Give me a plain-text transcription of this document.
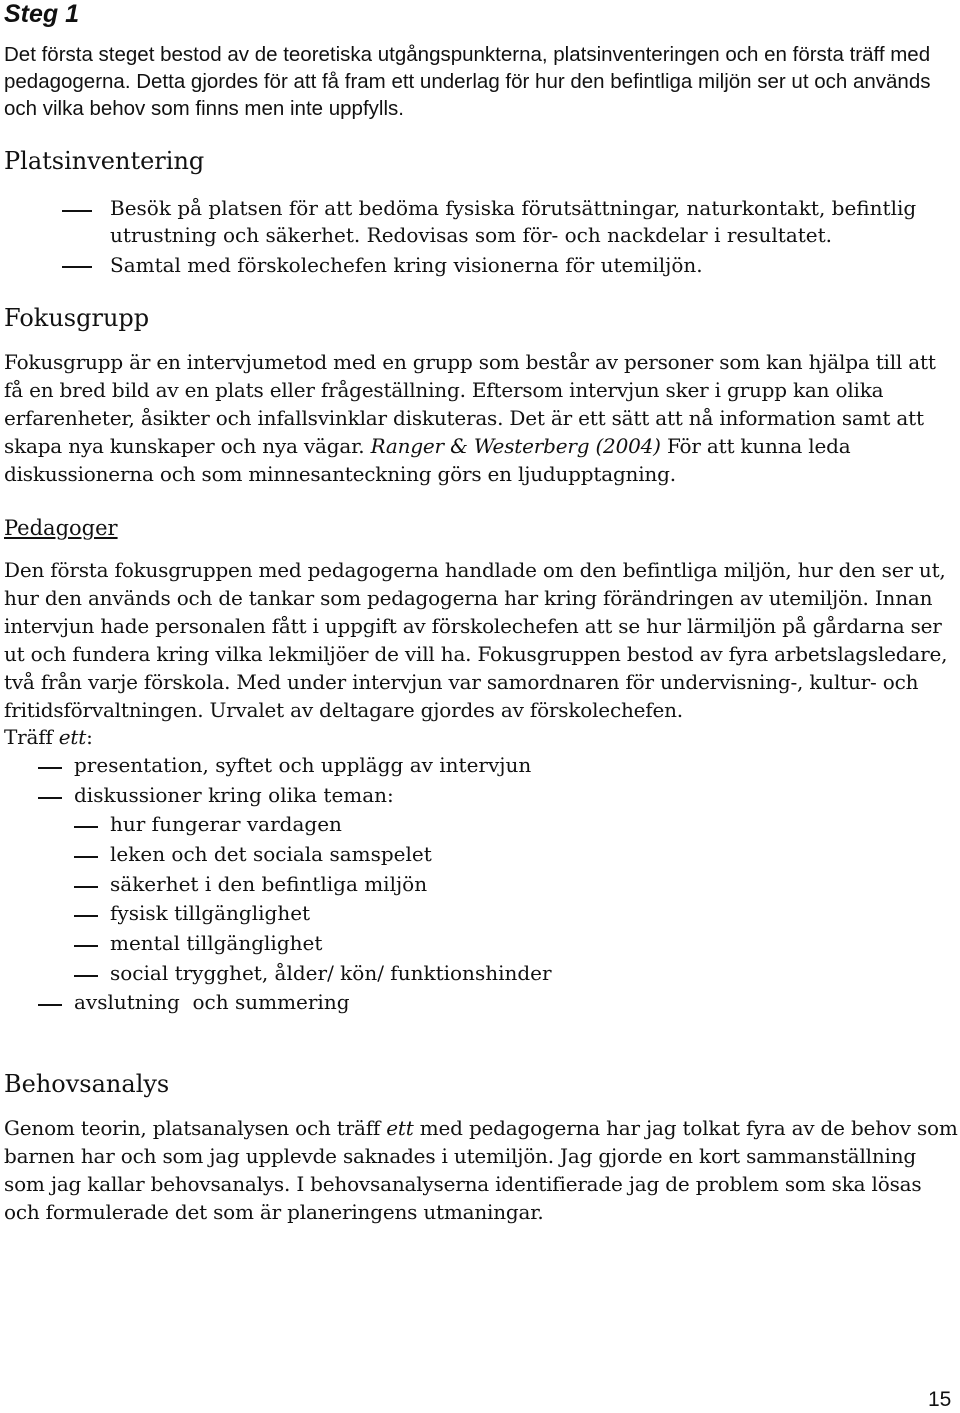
Steg 1

Det första steget bestod av de teoretiska utgångspunkterna, platsinventeringen och en första träff med pedagogerna. Detta gjordes för att få fram ett underlag för hur den befintliga miljön ser ut och används och vilka behov som finns men inte uppfylls.

Platsinventering

Besök på platsen för att bedöma fysiska förutsättningar, naturkontakt, befintlig utrustning och säkerhet. Redovisas som för- och nackdelar i resultatet.

Samtal med förskolechefen kring visionerna för utemiljön.

Fokusgrupp

Fokusgrupp är en intervjumetod med en grupp som består av personer som kan hjälpa till att få en bred bild av en plats eller frågeställning. Eftersom intervjun sker i grupp kan olika erfarenheter, åsikter och infallsvinklar diskuteras. Det är ett sätt att nå information samt att skapa nya kunskaper och nya vägar. Ranger & Westerberg (2004) För att kunna leda diskussionerna och som minnesanteckning görs en ljudupptagning.

Pedagoger

Den första fokusgruppen med pedagogerna handlade om den befintliga miljön, hur den ser ut, hur den används och de tankar som pedagogerna har kring förändringen av utemiljön. Innan intervjun hade personalen fått i uppgift av förskolechefen att se hur lärmiljön på gårdarna ser ut och fundera kring vilka lekmiljöer de vill ha. Fokusgruppen bestod av fyra arbetslagsledare, två från varje förskola. Med under intervjun var samordnaren för undervisning-, kultur- och fritidsförvaltningen. Urvalet av deltagare gjordes av förskolechefen.

Träff ett:

presentation, syftet och upplägg av intervjun

diskussioner kring olika teman:

hur fungerar vardagen

leken och det sociala samspelet

säkerhet i den befintliga miljön

fysisk tillgänglighet

mental tillgänglighet

social trygghet, ålder/ kön/ funktionshinder

avslutning  och summering

Behovsanalys

Genom teorin, platsanalysen och träff ett med pedagogerna har jag tolkat fyra av de behov som barnen har och som jag upplevde saknades i utemiljön. Jag gjorde en kort sammanställning som jag kallar behovsanalys. I behovsanalyserna identifierade jag de problem som ska lösas och formulerade det som är planeringens utmaningar.

15
